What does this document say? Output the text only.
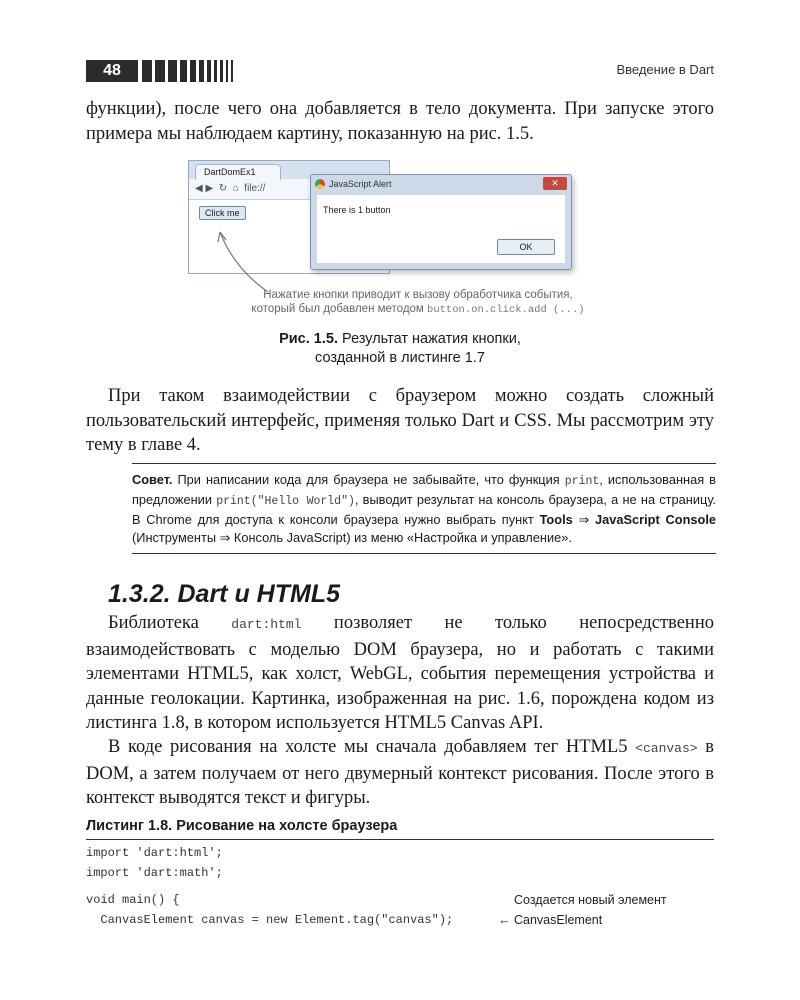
48	Введение в Dart

функции), после чего она добавляется в тело документа. При запуске этого примера мы наблюдаем картину, показанную на рис. 1.5.

DartDomEx1
◀ ▶ ↻ ⌂ file://
Click me
JavaScript Alert	✕
There is 1 button
OK
Нажатие кнопки приводит к вызову обработчика события,
который был добавлен методом button.on.click.add (...)
Рис. 1.5. Результат нажатия кнопки,
созданной в листинге 1.7

При таком взаимодействии с браузером можно создать сложный пользовательский интерфейс, применяя только Dart и CSS. Мы рассмотрим эту тему в главе 4.

Совет. При написании кода для браузера не забывайте, что функция print, использованная в предложении print("Hello World"), выводит результат на консоль браузера, а не на страницу. В Chrome для доступа к консоли браузера нужно выбрать пункт Tools ⇒ JavaScript Console (Инструменты ⇒ Консоль JavaScript) из меню «Настройка и управление».
1.3.2. Dart и HTML5

Библиотека dart:html позволяет не только непосредственно взаимодействовать с моделью DOM браузера, но и работать с такими элементами HTML5, как холст, WebGL, события перемещения устройства и данные геолокации. Картинка, изображенная на рис. 1.6, порождена кодом из листинга 1.8, в котором используется HTML5 Canvas API.

В коде рисования на холсте мы сначала добавляем тег HTML5 <canvas> в DOM, а затем получаем от него двумерный контекст рисования. После этого в контекст выводятся текст и фигуры.

Листинг 1.8. Рисование на холсте браузера
import 'dart:html';
import 'dart:math';
void main() {
CanvasElement canvas = new Element.tag("canvas");
Создается новый элемент
← CanvasElement
